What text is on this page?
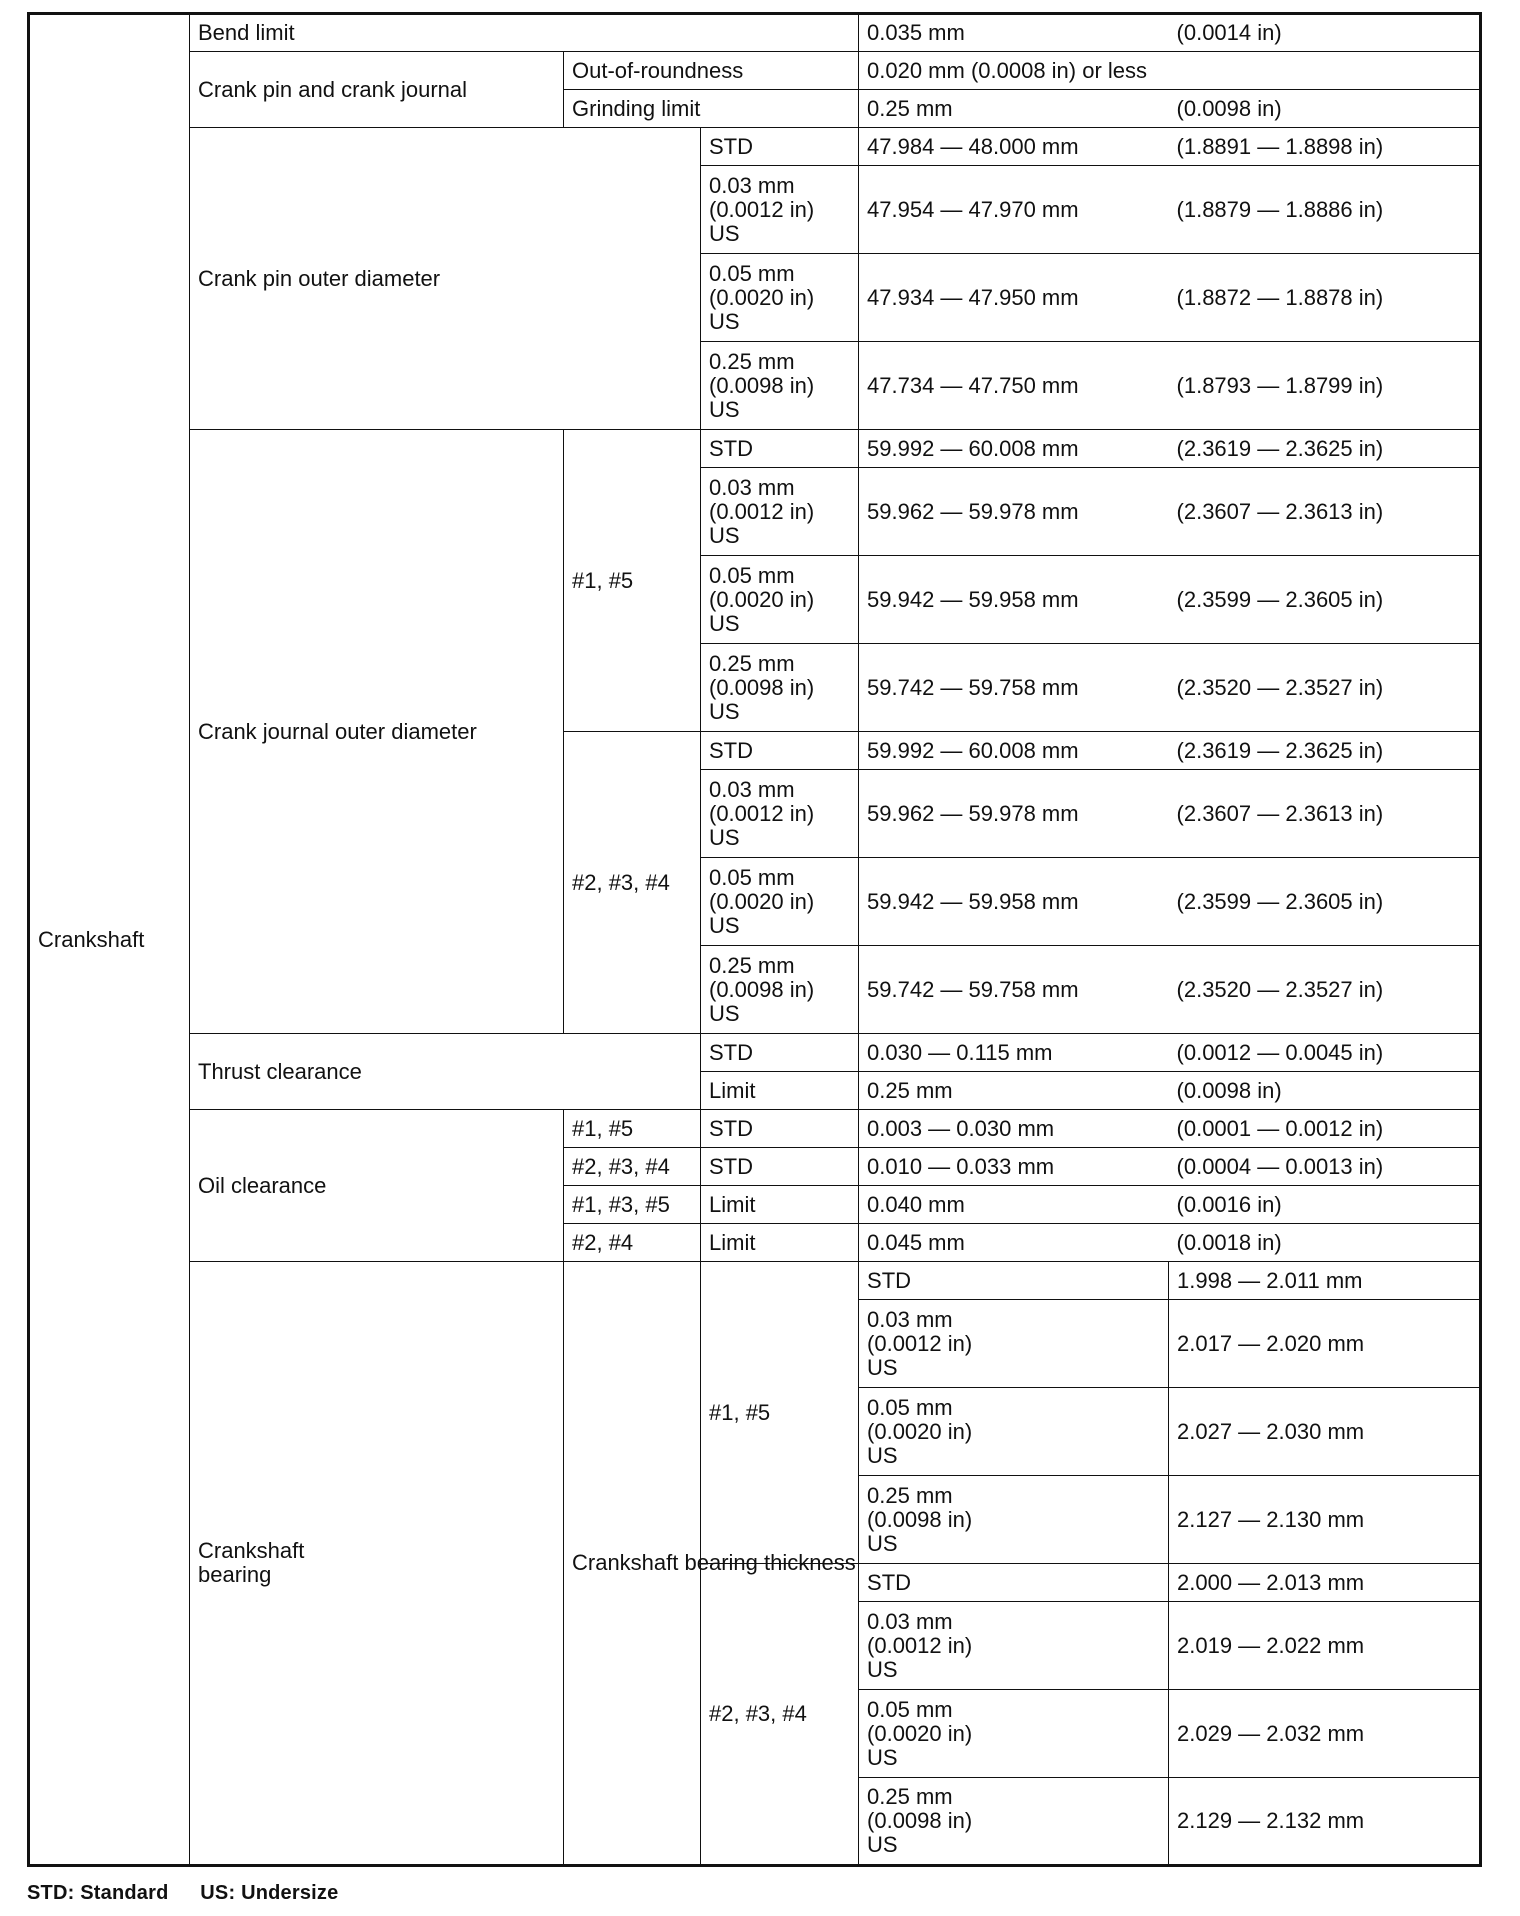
Crankshaft	Bend limit			0.035 mm	(0.0014 in)	
	Crank pin and crank journal	Out-of-roundness		0.020 mm (0.0008 in) or less		
		Grinding limit		0.25 mm	(0.0098 in)	
	Crank pin outer diameter		STD	47.984 — 48.000 mm	(1.8891 — 1.8898 in)	

			0.03 mm
(0.0012 in)
US	47.954 — 47.970 mm	(1.8879 — 1.8886 in)	

			0.05 mm
(0.0020 in)
US	47.934 — 47.950 mm	(1.8872 — 1.8878 in)	

			0.25 mm
(0.0098 in)
US	47.734 — 47.750 mm	(1.8793 — 1.8799 in)	
	Crank journal outer diameter	#1, #5	STD	59.992 — 60.008 mm	(2.3619 — 2.3625 in)	

			0.03 mm
(0.0012 in)
US	59.962 — 59.978 mm	(2.3607 — 2.3613 in)	

			0.05 mm
(0.0020 in)
US	59.942 — 59.958 mm	(2.3599 — 2.3605 in)	

			0.25 mm
(0.0098 in)
US	59.742 — 59.758 mm	(2.3520 — 2.3527 in)	
		#2, #3, #4	STD	59.992 — 60.008 mm	(2.3619 — 2.3625 in)	

			0.03 mm
(0.0012 in)
US	59.962 — 59.978 mm	(2.3607 — 2.3613 in)	

			0.05 mm
(0.0020 in)
US	59.942 — 59.958 mm	(2.3599 — 2.3605 in)	

			0.25 mm
(0.0098 in)
US	59.742 — 59.758 mm	(2.3520 — 2.3527 in)	
	Thrust clearance		STD	0.030 — 0.115 mm	(0.0012 — 0.0045 in)	
			Limit	0.25 mm	(0.0098 in)	
	Oil clearance	#1, #5	STD	0.003 — 0.030 mm	(0.0001 — 0.0012 in)	
		#2, #3, #4	STD	0.010 — 0.033 mm	(0.0004 — 0.0013 in)	
		#1, #3, #5	Limit	0.040 mm	(0.0016 in)	
		#2, #4	Limit	0.045 mm	(0.0018 in)	

	Crankshaft
bearing	Crankshaft bearing thickness	#1, #5	STD	1.998 — 2.011 mm	

				0.03 mm
(0.0012 in)
US	2.017 — 2.020 mm	

				0.05 mm
(0.0020 in)
US	2.027 — 2.030 mm	

				0.25 mm
(0.0098 in)
US	2.127 — 2.130 mm	
			#2, #3, #4	STD	2.000 — 2.013 mm	

				0.03 mm
(0.0012 in)
US	2.019 — 2.022 mm	

				0.05 mm
(0.0020 in)
US	2.029 — 2.032 mm	

				0.25 mm
(0.0098 in)
US	2.129 — 2.132 mm	
STD: Standard US: Undersize
